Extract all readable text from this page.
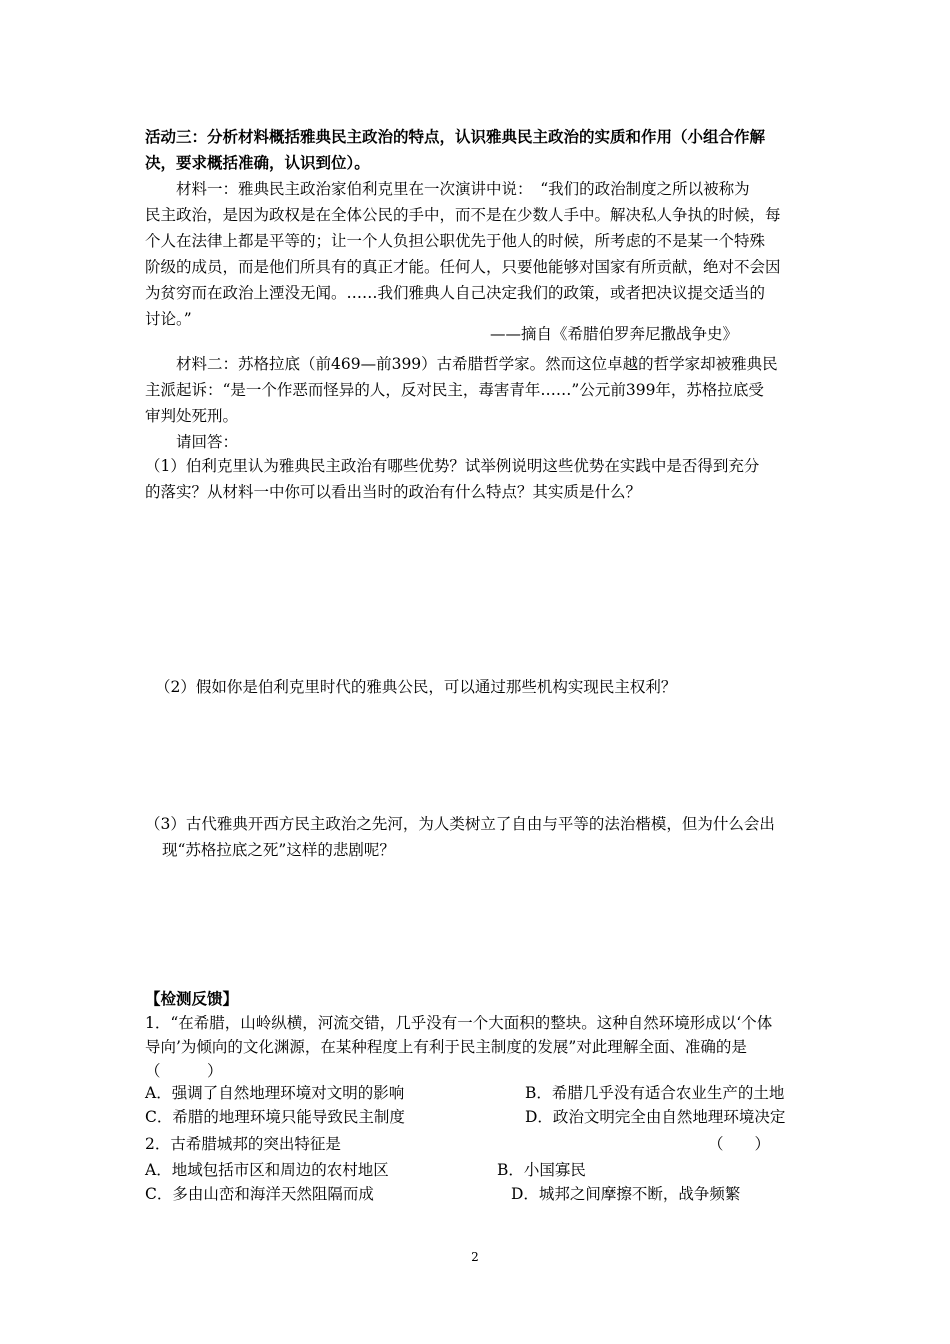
活动三：分析材料概括雅典民主政治的特点，认识雅典民主政治的实质和作用（小组合作解
决，要求概括准确，认识到位）。
材料一：雅典民主政治家伯利克里在一次演讲中说：　“我们的政治制度之所以被称为
民主政治，是因为政权是在全体公民的手中，而不是在少数人手中。解决私人争执的时候，每
个人在法律上都是平等的；让一个人负担公职优先于他人的时候，所考虑的不是某一个特殊
阶级的成员，而是他们所具有的真正才能。任何人，只要他能够对国家有所贡献，绝对不会因
为贫穷而在政治上湮没无闻。……我们雅典人自己决定我们的政策，或者把决议提交适当的
讨论。”
——摘自《希腊伯罗奔尼撒战争史》
材料二：苏格拉底（前469—前399）古希腊哲学家。然而这位卓越的哲学家却被雅典民
主派起诉：“是一个作恶而怪异的人，反对民主，毒害青年……”公元前399年，苏格拉底受
审判处死刑。
请回答：
（1）伯利克里认为雅典民主政治有哪些优势？试举例说明这些优势在实践中是否得到充分
的落实？从材料一中你可以看出当时的政治有什么特点？其实质是什么？
（2）假如你是伯利克里时代的雅典公民，可以通过那些机构实现民主权利？
（3）古代雅典开西方民主政治之先河，为人类树立了自由与平等的法治楷模，但为什么会出
现“苏格拉底之死”这样的悲剧呢？
【检测反馈】
1．“在希腊，山岭纵横，河流交错，几乎没有一个大面积的整块。这种自然环境形成以‘个体
导向’为倾向的文化渊源，在某种程度上有利于民主制度的发展”对此理解全面、准确的是
（　　　）
A．强调了自然地理环境对文明的影响	B．希腊几乎没有适合农业生产的土地
C．希腊的地理环境只能导致民主制度	D．政治文明完全由自然地理环境决定
2．古希腊城邦的突出特征是	（　　）
A．地域包括市区和周边的农村地区	B．小国寡民
C．多由山峦和海洋天然阻隔而成	D．城邦之间摩擦不断，战争频繁
2
